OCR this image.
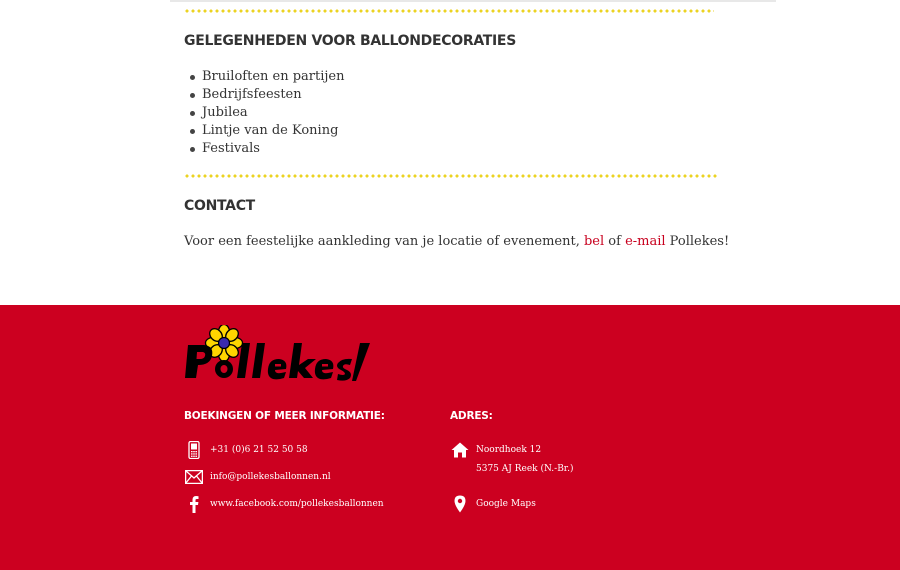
GELEGENHEDEN VOOR BALLONDECORATIES
Bruiloften en partijen
Bedrijfsfeesten
Jubilea
Lintje van de Koning
Festivals
CONTACT

Voor een feestelijke aankleding van je locatie of evenement, bel of e-mail Pollekes!

BOEKINGEN OF MEER INFORMATIE:	ADRES:
+31 (0)6 21 52 50 58
info@pollekesballonnen.nl
www.facebook.com/pollekesballonnen
Noordhoek 12
5375 AJ Reek (N.-Br.)
Google Maps
